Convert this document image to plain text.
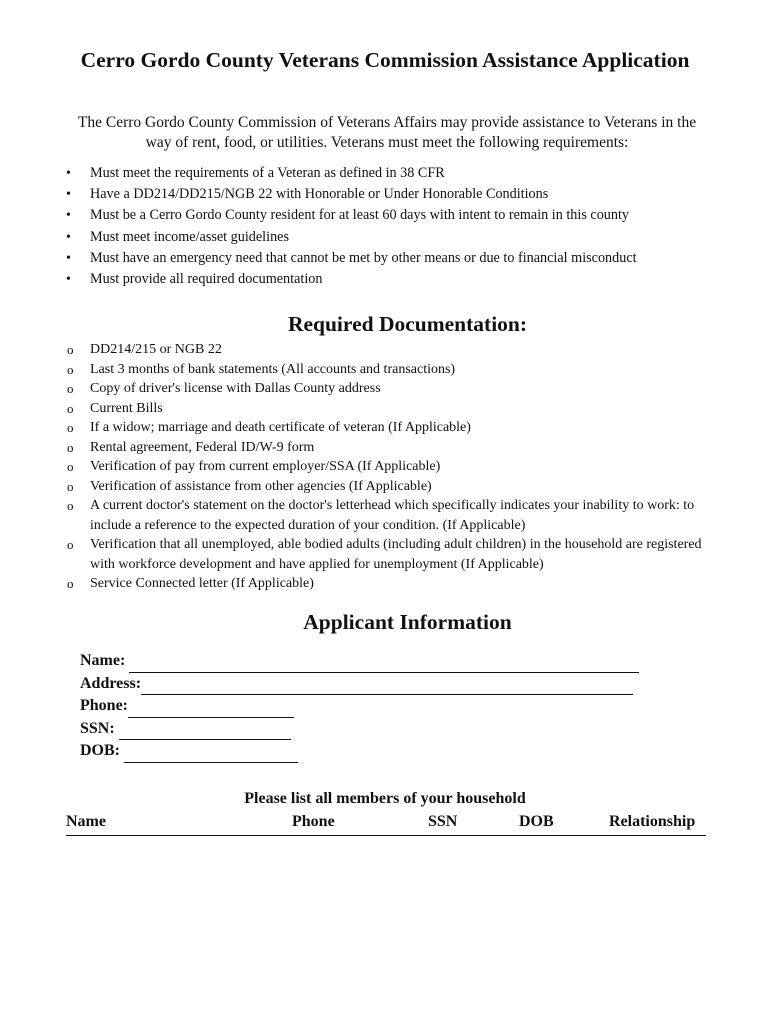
Cerro Gordo County Veterans Commission Assistance Application
The Cerro Gordo County Commission of Veterans Affairs may provide assistance to Veterans in the
way of rent, food, or utilities. Veterans must meet the following requirements:
• Must meet the requirements of a Veteran as defined in 38 CFR
• Have a DD214/DD215/NGB 22 with Honorable or Under Honorable Conditions
• Must be a Cerro Gordo County resident for at least 60 days with intent to remain in this county
• Must meet income/asset guidelines
• Must have an emergency need that cannot be met by other means or due to financial misconduct
• Must provide all required documentation
Required Documentation:
o DD214/215 or NGB 22
o Last 3 months of bank statements (All accounts and transactions)
o Copy of driver's license with Dallas County address
o Current Bills
o If a widow; marriage and death certificate of veteran (If Applicable)
o Rental agreement, Federal ID/W-9 form
o Verification of pay from current employer/SSA (If Applicable)
o Verification of assistance from other agencies (If Applicable)
o A current doctor's statement on the doctor's letterhead which specifically indicates your inability to work: to include a reference to the expected duration of your condition. (If Applicable)
o Verification that all unemployed, able bodied adults (including adult children) in the household are registered with workforce development and have applied for unemployment (If Applicable)
o Service Connected letter (If Applicable)
Applicant Information
Name:
Address:
Phone:
SSN:
DOB:
Please list all members of your household
Name	Phone	SSN	DOB	Relationship
